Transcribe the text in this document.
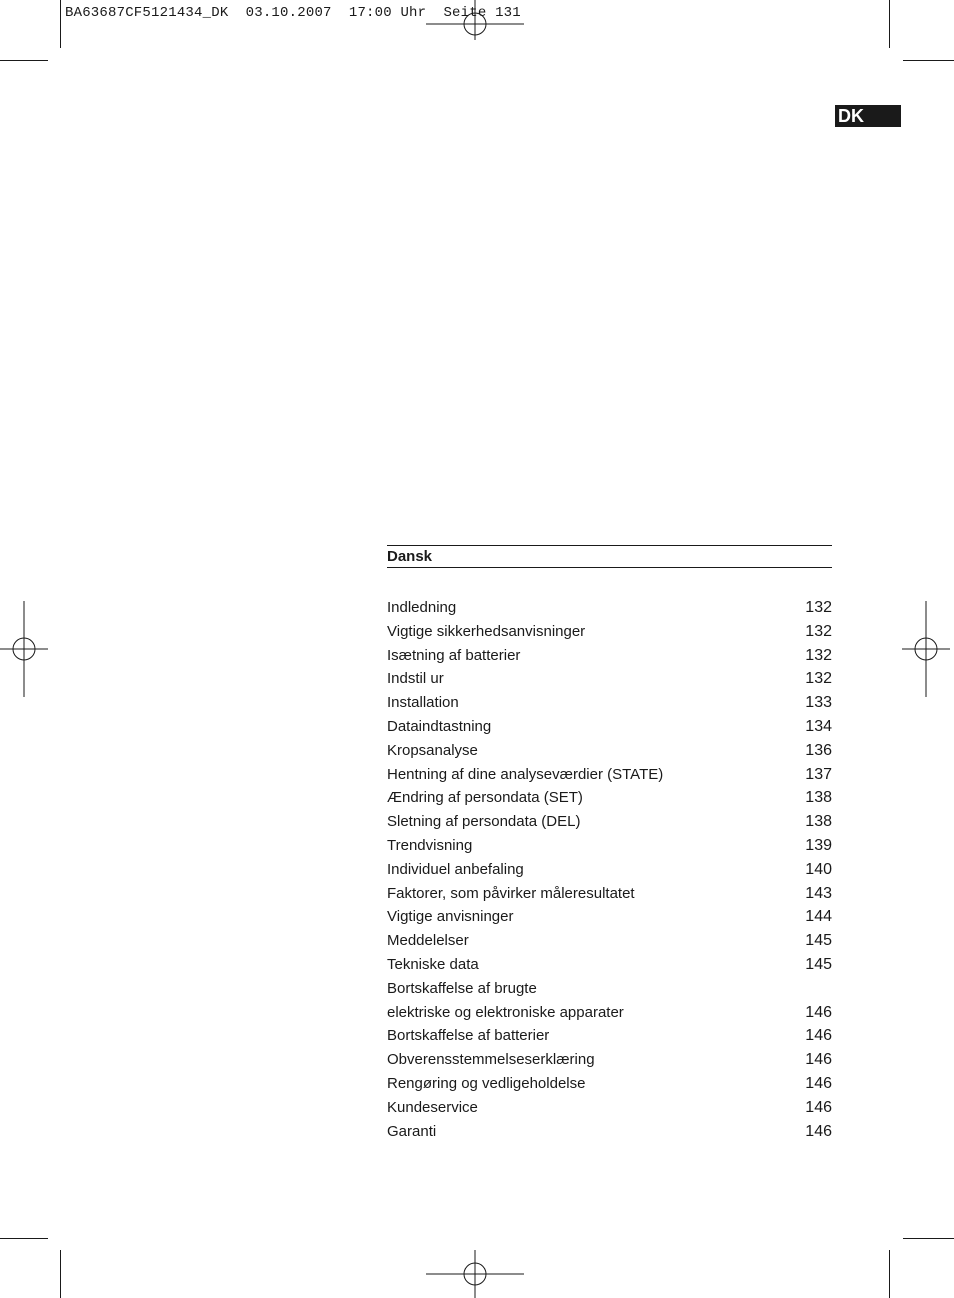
BA63687CF5121434_DK  03.10.2007  17:00 Uhr  Seite 131
DK
Dansk
Indledning	132
Vigtige sikkerhedsanvisninger	132
Isætning af batterier	132
Indstil ur	132
Installation	133
Dataindtastning	134
Kropsanalyse	136
Hentning af dine analyseværdier (STATE)	137
Ændring af persondata (SET)	138
Sletning af persondata (DEL)	138
Trendvisning	139
Individuel anbefaling	140
Faktorer, som påvirker måleresultatet	143
Vigtige anvisninger	144
Meddelelser	145
Tekniske data	145
Bortskaffelse af brugte
elektriske og elektroniske apparater	146
Bortskaffelse af batterier	146
Obverensstemmelseserklæring	146
Rengøring og vedligeholdelse	146
Kundeservice	146
Garanti	146
